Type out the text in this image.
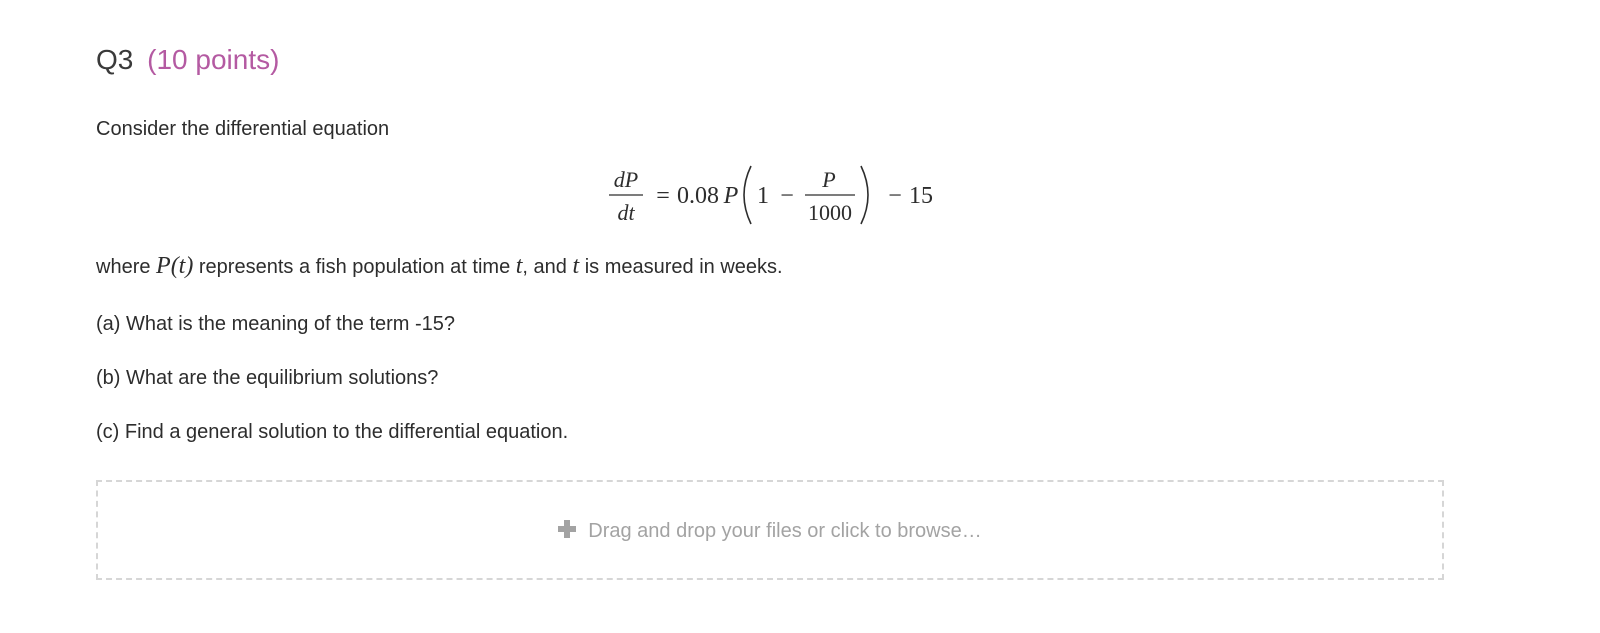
Q3 (10 points)
Consider the differential equation
dP
dt
= 0.08 P 1 −
P
1000
− 15
where P(t) represents a fish population at time t, and t is measured in weeks.
(a) What is the meaning of the term -15?
(b) What are the equilibrium solutions?
(c) Find a general solution to the differential equation.
Drag and drop your files or click to browse…
